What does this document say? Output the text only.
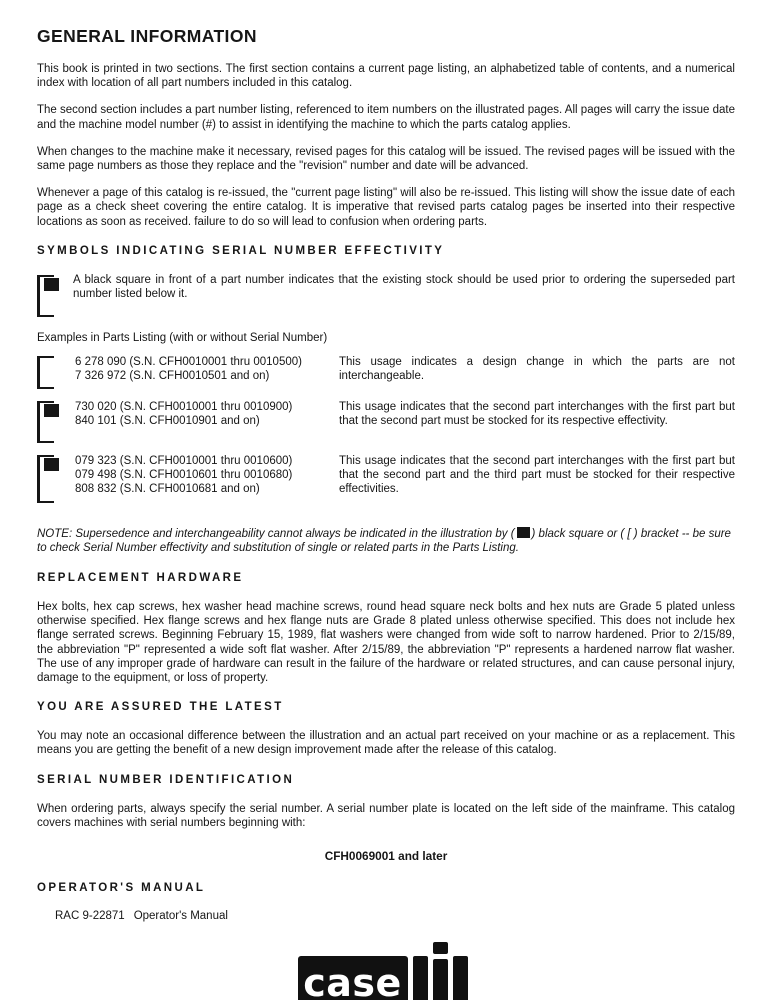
GENERAL INFORMATION

This book is printed in two sections. The first section contains a current page listing, an alphabetized table of contents, and a numerical index with location of all part numbers included in this catalog.

The second section includes a part number listing, referenced to item numbers on the illustrated pages. All pages will carry the issue date and the machine model number (#) to assist in identifying the machine to which the parts catalog applies.

When changes to the machine make it necessary, revised pages for this catalog will be issued. The revised pages will be issued with the same page numbers as those they replace and the "revision" number and date will be advanced.

Whenever a page of this catalog is re-issued, the "current page listing" will also be re-issued. This listing will show the issue date of each page as a check sheet covering the entire catalog. It is imperative that revised parts catalog pages be inserted into their respective locations as soon as received. failure to do so will lead to confusion when ordering parts.

SYMBOLS INDICATING SERIAL NUMBER EFFECTIVITY

A black square in front of a part number indicates that the existing stock should be used prior to ordering the superseded part number listed below it.

Examples in Parts Listing (with or without Serial Number)

6 278 090 (S.N. CFH0010001 thru 0010500)
7 326 972 (S.N. CFH0010501 and on)
This usage indicates a design change in which the parts are not interchangeable.
730 020 (S.N. CFH0010001 thru 0010900)
840 101 (S.N. CFH0010901 and on)
This usage indicates that the second part interchanges with the first part but that the second part must be stocked for its respective effectivity.
079 323 (S.N. CFH0010001 thru 0010600)
079 498 (S.N. CFH0010601 thru 0010680)
808 832 (S.N. CFH0010681 and on)
This usage indicates that the second part interchanges with the first part but that the second part and the third part must be stocked for their respective effectivities.

NOTE: Supersedence and interchangeability cannot always be indicated in the illustration by ( ) black square or ( [ ) bracket -- be sure to check Serial Number effectivity and substitution of single or related parts in the Parts Listing.

REPLACEMENT HARDWARE

Hex bolts, hex cap screws, hex washer head machine screws, round head square neck bolts and hex nuts are Grade 5 plated unless otherwise specified. Hex flange screws and hex flange nuts are Grade 8 plated unless otherwise specified. This does not include hex flange serrated screws. Beginning February 15, 1989, flat washers were changed from wide soft to narrow hardened. Prior to 2/15/89, the abbreviation "P" represented a wide soft flat washer. After 2/15/89, the abbreviation "P" represents a hardened narrow flat washer. The use of any improper grade of hardware can result in the failure of the hardware or related structures, and can cause personal injury, damage to the equipment, or loss of property.

YOU ARE ASSURED THE LATEST

You may note an occasional difference between the illustration and an actual part received on your machine or as a replacement. This means you are getting the benefit of a new design improvement made after the release of this catalog.

SERIAL NUMBER IDENTIFICATION

When ordering parts, always specify the serial number. A serial number plate is located on the left side of the mainframe. This catalog covers machines with serial numbers beginning with:

CFH0069001 and later

OPERATOR'S MANUAL

RAC 9-22871 Operator's Manual

case
